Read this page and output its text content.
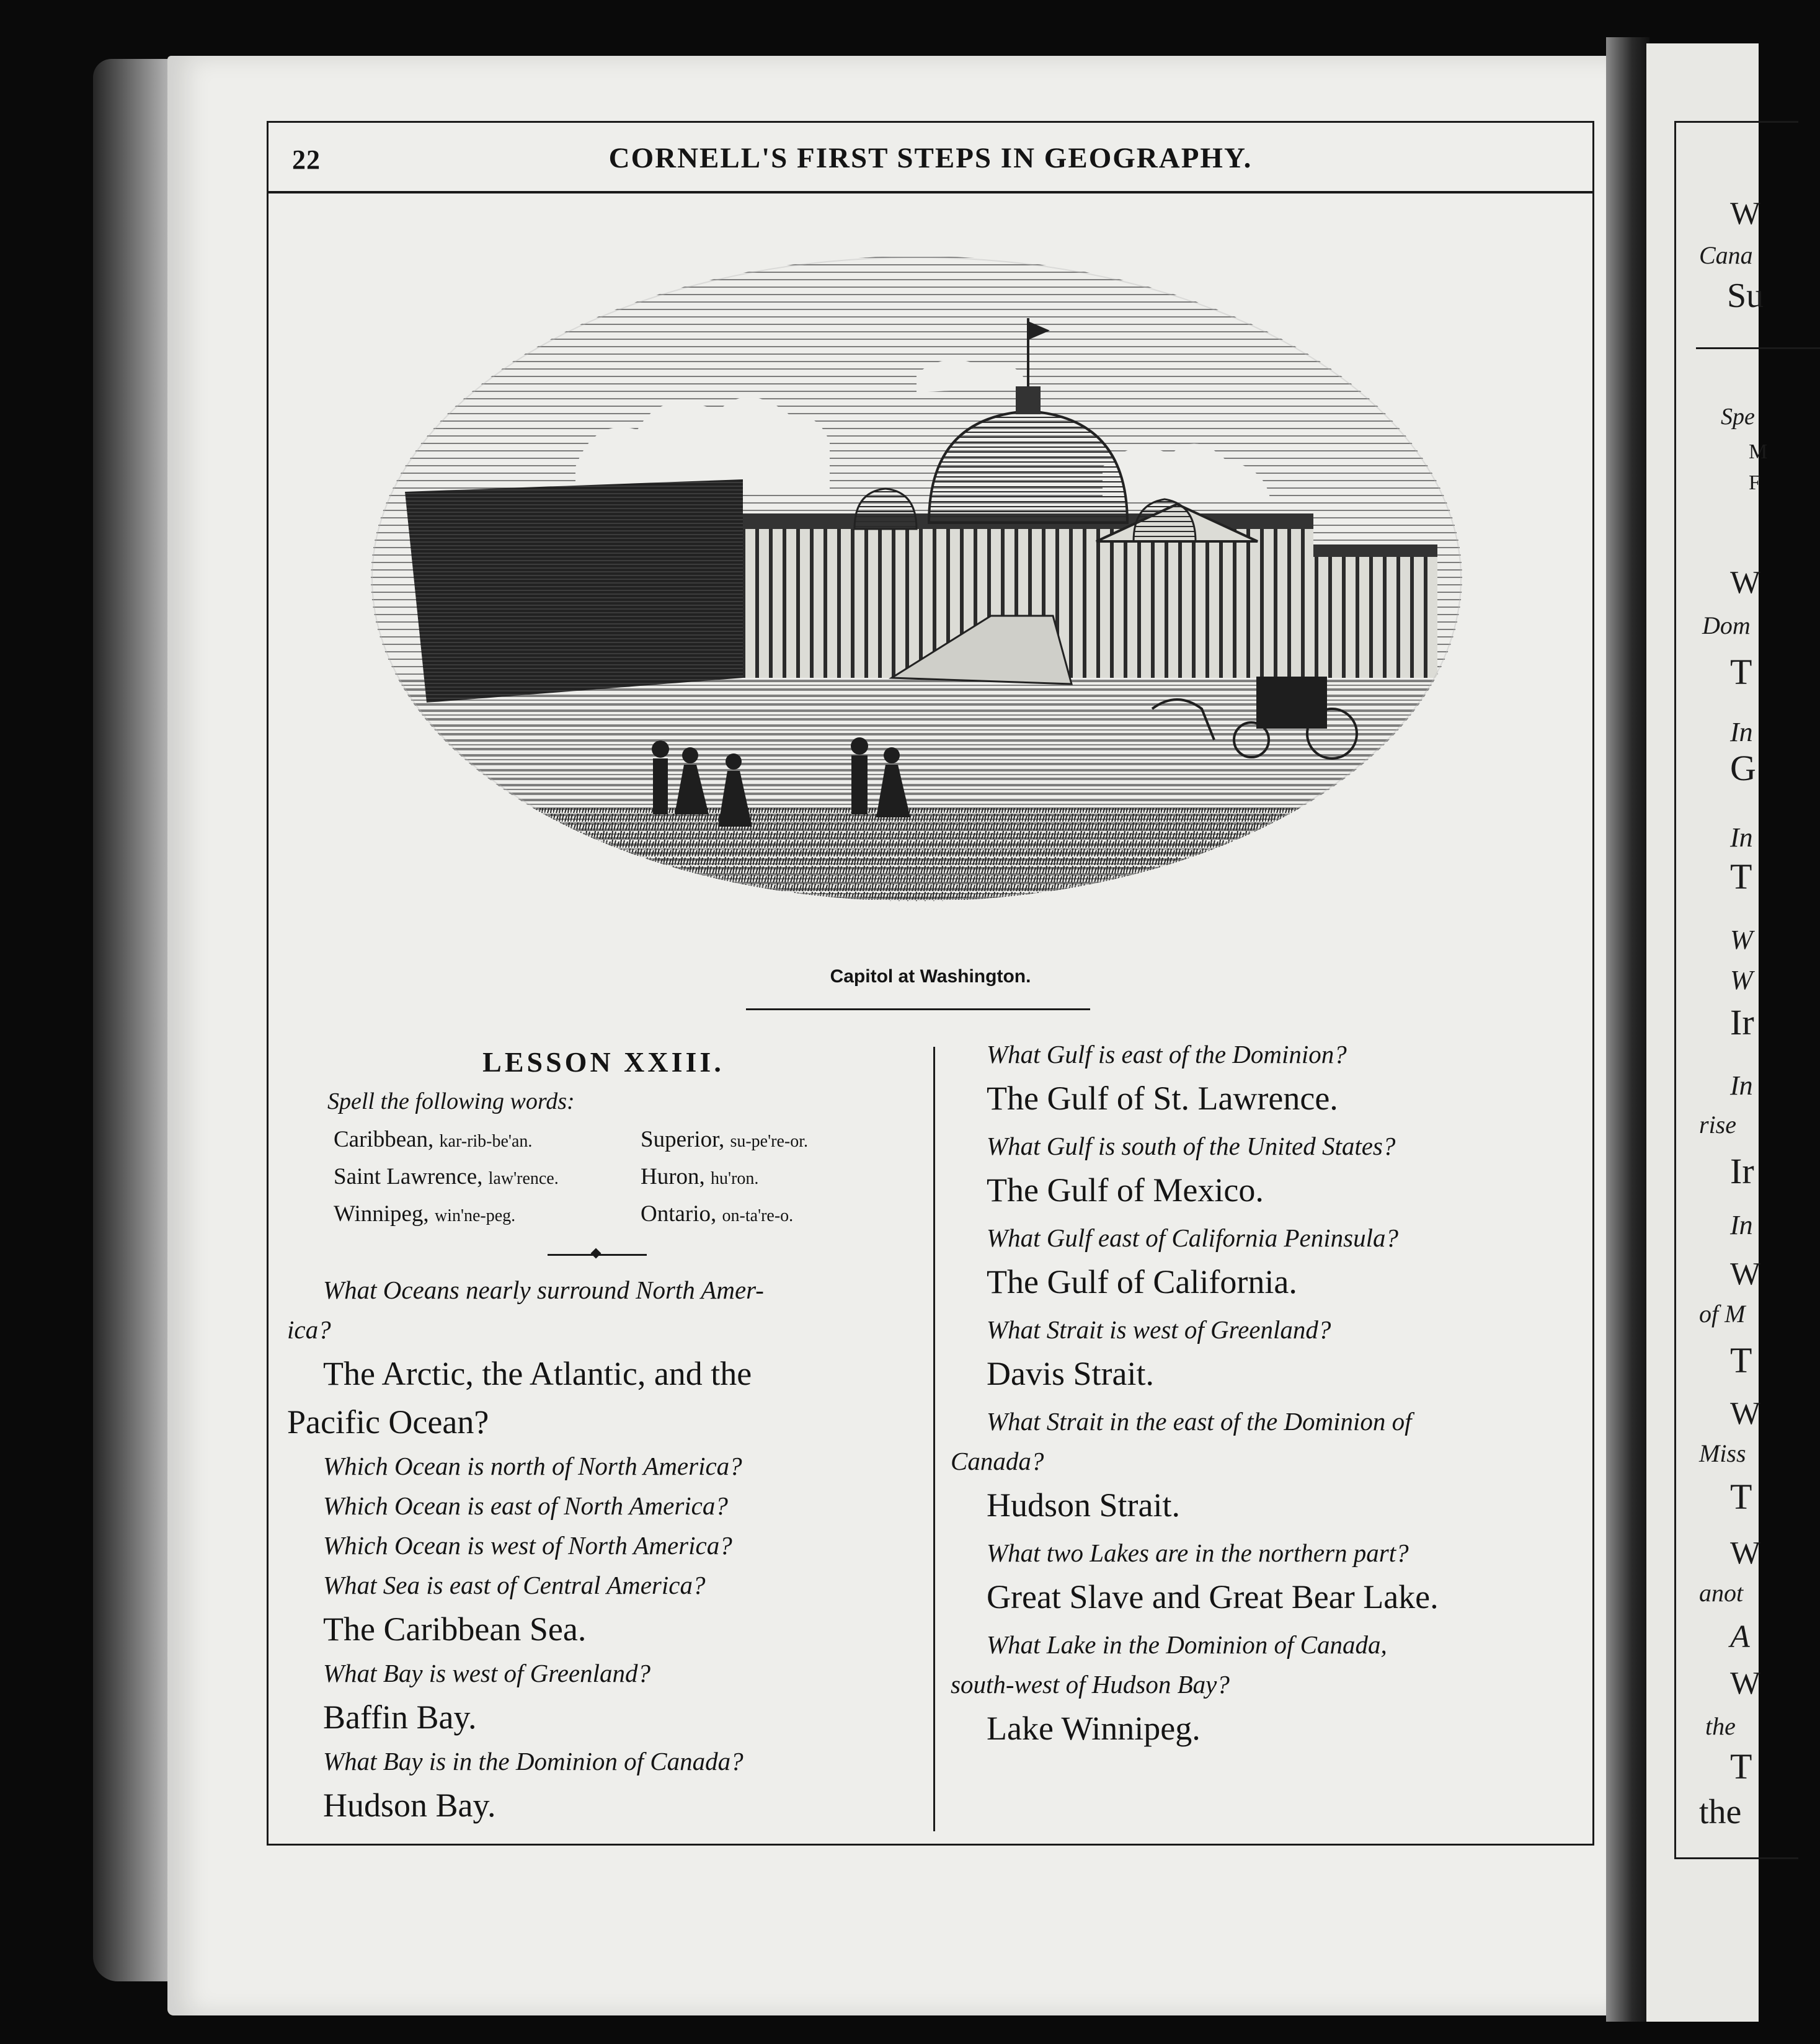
W
Cana
Su
Spe
M
F
W
Dom
T
In
G
In
T
W
W
Ir
In
rise
Ir
In
W
of M
T
W
Miss
T
W
anot
A
W
the
T
the
22	CORNELL'S FIRST STEPS IN GEOGRAPHY.
Capitol at Washington.
LESSON XXIII.
Spell the following words:
Caribbean, kar-rib-be'an.	Superior, su-pe're-or.
Saint Lawrence, law'rence.	Huron, hu'ron.
Winnipeg, win'ne-peg.	Ontario, on-ta're-o.
What Oceans nearly surround North Amer-
ica?
The Arctic, the Atlantic, and the
Pacific Ocean?
Which Ocean is north of North America?
Which Ocean is east of North America?
Which Ocean is west of North America?
What Sea is east of Central America?
The Caribbean Sea.
What Bay is west of Greenland?
Baffin Bay.
What Bay is in the Dominion of Canada?
Hudson Bay.
What Gulf is east of the Dominion?
The Gulf of St. Lawrence.
What Gulf is south of the United States?
The Gulf of Mexico.
What Gulf east of California Peninsula?
The Gulf of California.
What Strait is west of Greenland?
Davis Strait.
What Strait in the east of the Dominion of
Canada?
Hudson Strait.
What two Lakes are in the northern part?
Great Slave and Great Bear Lake.
What Lake in the Dominion of Canada,
south-west of Hudson Bay?
Lake Winnipeg.
